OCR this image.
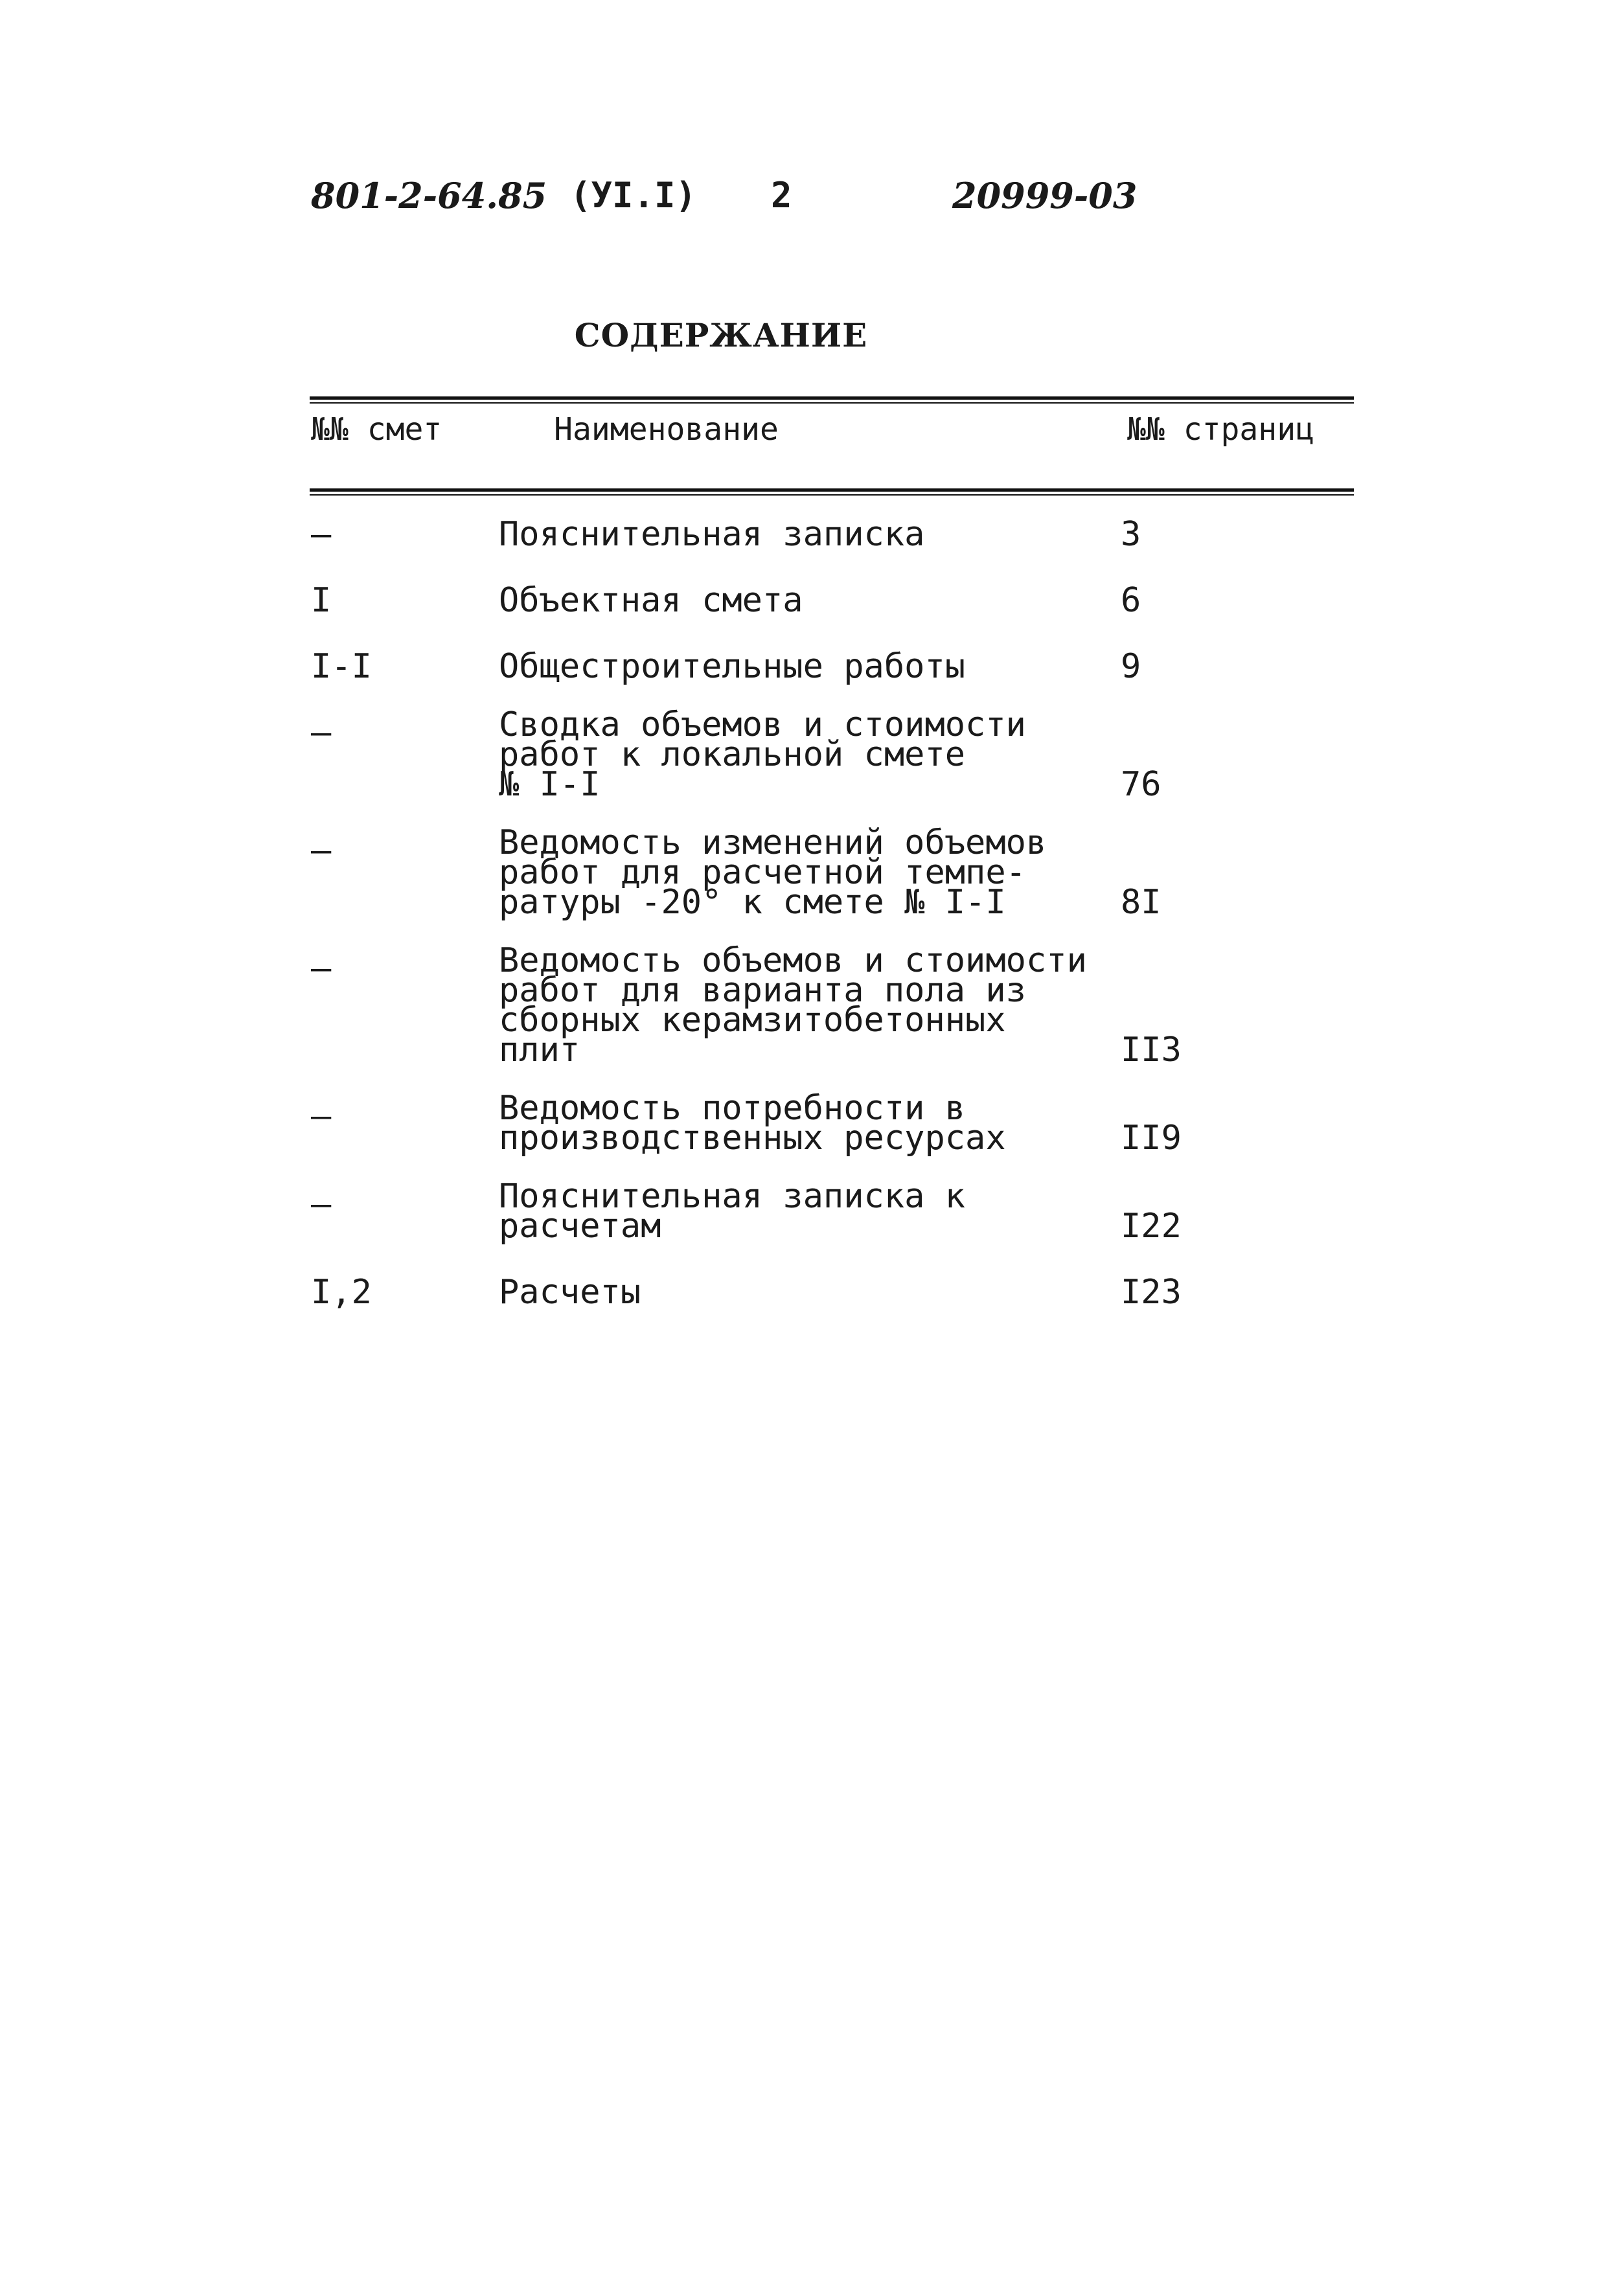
801-2-64.85 (УI.I) 2	20999-03
СОДЕРЖАНИЕ
№№ смет	Наименование	№№ страниц
—	Пояснительная записка	3
I	Объектная смета	6
I-I	Общестроительные работы	9
—	Сводка объемов и стоимости
работ к локальной смете
№ I-I	76
—	Ведомость изменений объемов
работ для расчетной темпе-
ратуры -20° к смете № I-I	8I
—	Ведомость объемов и стоимости
работ для варианта пола из
сборных керамзитобетонных
плит	II3
—	Ведомость потребности в
производственных ресурсах	II9
—	Пояснительная записка к
расчетам	I22
I,2	Расчеты	I23
